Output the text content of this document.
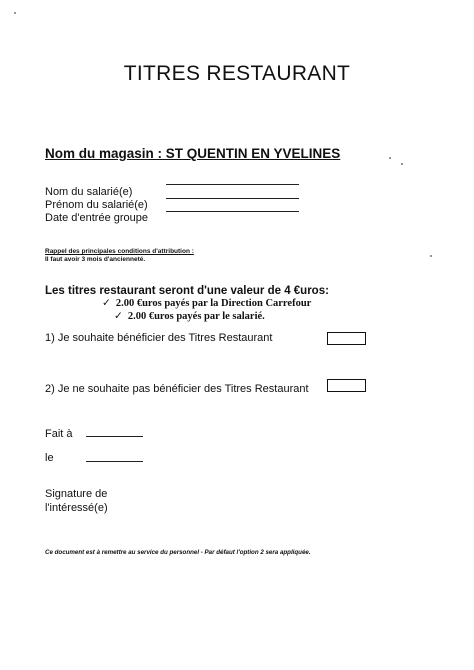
TITRES RESTAURANT
Nom du magasin : ST QUENTIN EN YVELINES
Nom du salarié(e)
Prénom du salarié(e)
Date d'entrée groupe
Rappel des principales conditions d'attribution :
Il faut avoir 3 mois d'ancienneté.
Les titres restaurant seront d'une valeur de 4 €uros:
✓ 2.00 €uros payés par la Direction Carrefour
✓ 2.00 €uros payés par le salarié.
1) Je souhaite bénéficier des Titres Restaurant
2) Je ne souhaite pas bénéficier des Titres Restaurant
Fait à
le
Signature de l'intéressé(e)
Ce document est à remettre au service du personnel - Par défaut l'option 2 sera appliquée.
